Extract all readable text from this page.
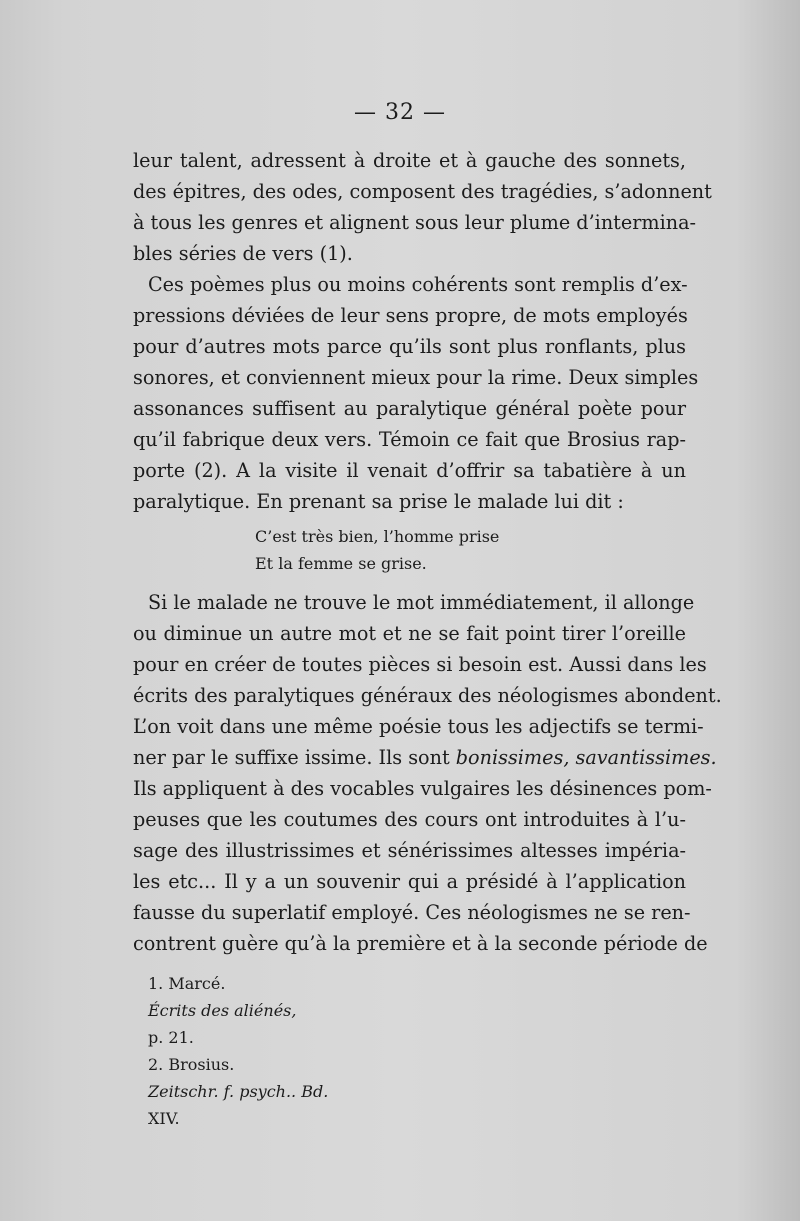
— 32 —

leur talent, adressent à droite et à gauche des sonnets,
des épitres, des odes, composent des tragédies, s’adonnent
à tous les genres et alignent sous leur plume d’intermina-
bles séries de vers (1).

Ces poèmes plus ou moins cohérents sont remplis d’ex-
pressions déviées de leur sens propre, de mots employés
pour d’autres mots parce qu’ils sont plus ronflants, plus
sonores, et conviennent mieux pour la rime. Deux simples
assonances suffisent au paralytique général poète pour
qu’il fabrique deux vers. Témoin ce fait que Brosius rap-
porte (2). A la visite il venait d’offrir sa tabatière à un
paralytique. En prenant sa prise le malade lui dit :

C’est très bien, l’homme prise
Et la femme se grise.

Si le malade ne trouve le mot immédiatement, il allonge
ou diminue un autre mot et ne se fait point tirer l’oreille
pour en créer de toutes pièces si besoin est. Aussi dans les
écrits des paralytiques généraux des néologismes abondent.
L’on voit dans une même poésie tous les adjectifs se termi-
ner par le suffixe issime. Ils sont bonissimes, savantissimes.
Ils appliquent à des vocables vulgaires les désinences pom-
peuses que les coutumes des cours ont introduites à l’u-
sage des illustrissimes et sénérissimes altesses impéria-
les etc... Il y a un souvenir qui a présidé à l’application
fausse du superlatif employé. Ces néologismes ne se ren-
contrent guère qu’à la première et à la seconde période de

1. Marcé.
Écrits des aliénés,
p. 21.
2. Brosius.
Zeitschr. f. psych.. Bd.
XIV.
